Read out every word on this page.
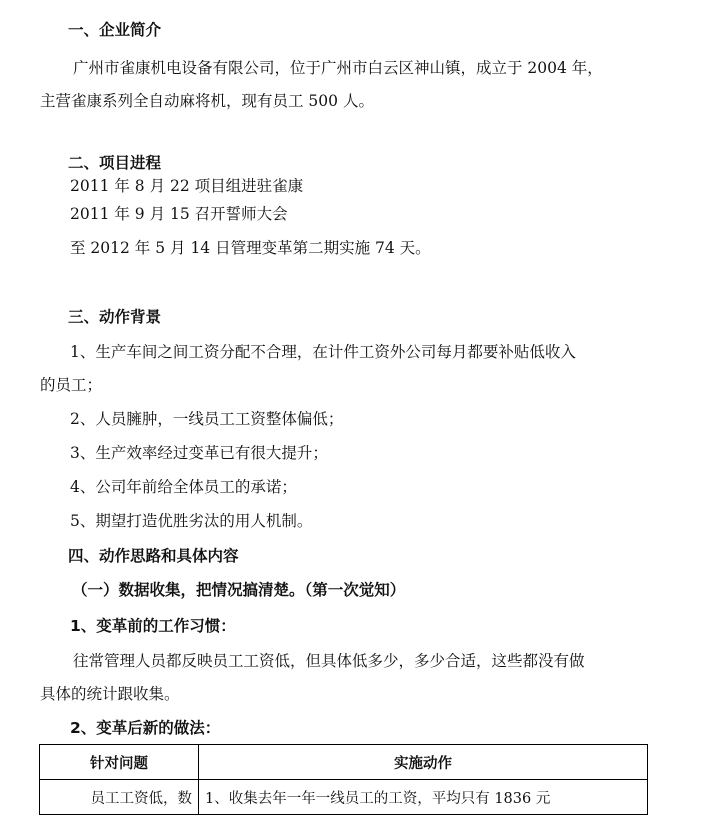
一、企业简介
广州市雀康机电设备有限公司，位于广州市白云区神山镇，成立于 2004 年，
主营雀康系列全自动麻将机，现有员工 500 人。
二、项目进程
2011 年 8 月 22 项目组进驻雀康
2011 年 9 月 15 召开誓师大会
至 2012 年 5 月 14 日管理变革第二期实施 74 天。
三、动作背景
1、生产车间之间工资分配不合理，在计件工资外公司每月都要补贴低收入
的员工；
2、人员臃肿，一线员工工资整体偏低；
3、生产效率经过变革已有很大提升；
4、公司年前给全体员工的承诺；
5、期望打造优胜劣汰的用人机制。
四、动作思路和具体内容
（一）数据收集，把情况搞清楚。（第一次觉知）
1、变革前的工作习惯：
往常管理人员都反映员工工资低，但具体低多少，多少合适，这些都没有做
具体的统计跟收集。
2、变革后新的做法：
针对问题	实施动作
员工工资低，数	1、收集去年一年一线员工的工资，平均只有 1836 元
